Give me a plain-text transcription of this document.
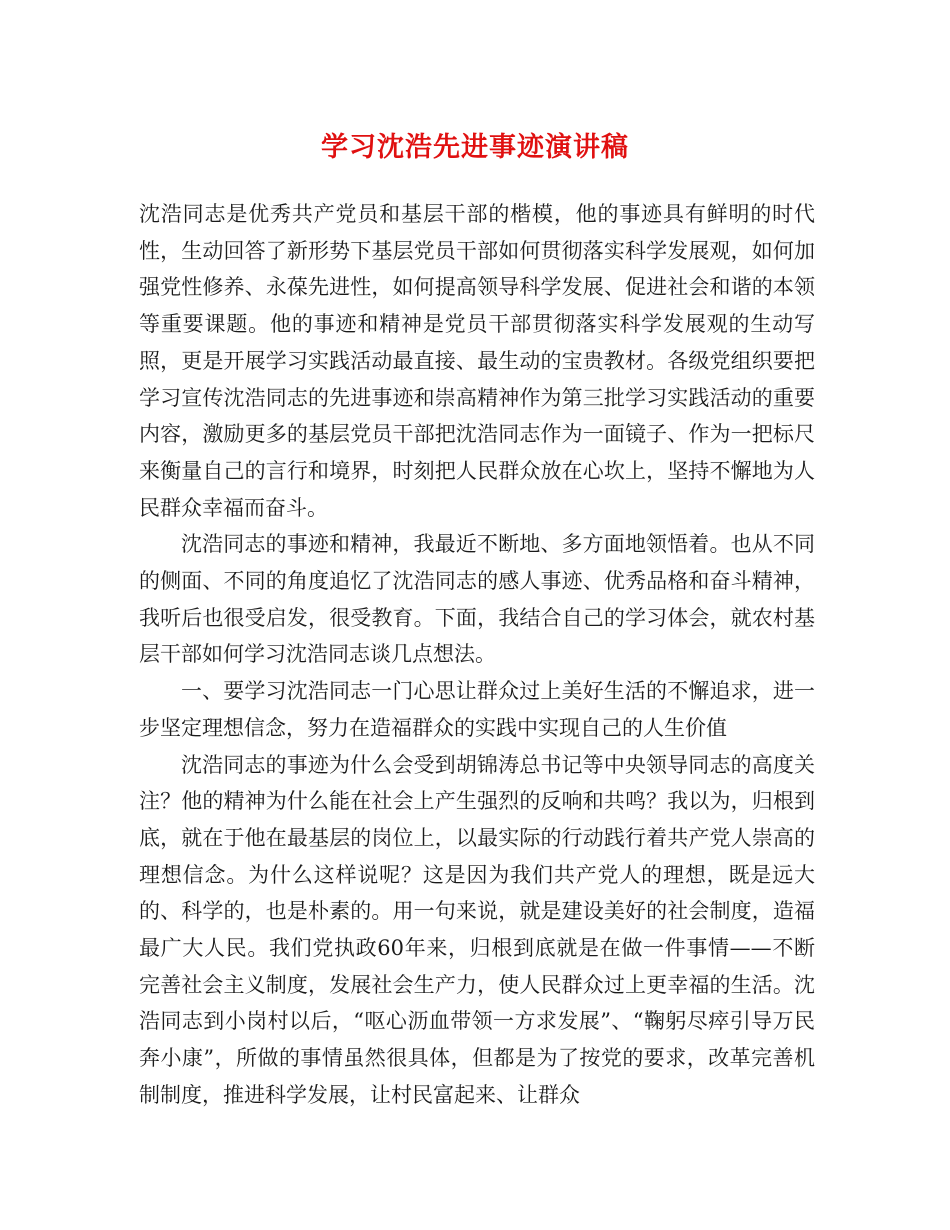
学习沈浩先进事迹演讲稿

沈浩同志是优秀共产党员和基层干部的楷模，他的事迹具有鲜明的时代性，生动回答了新形势下基层党员干部如何贯彻落实科学发展观，如何加强党性修养、永葆先进性，如何提高领导科学发展、促进社会和谐的本领等重要课题。他的事迹和精神是党员干部贯彻落实科学发展观的生动写照，更是开展学习实践活动最直接、最生动的宝贵教材。各级党组织要把学习宣传沈浩同志的先进事迹和崇高精神作为第三批学习实践活动的重要内容，激励更多的基层党员干部把沈浩同志作为一面镜子、作为一把标尺来衡量自己的言行和境界，时刻把人民群众放在心坎上，坚持不懈地为人民群众幸福而奋斗。

沈浩同志的事迹和精神，我最近不断地、多方面地领悟着。也从不同的侧面、不同的角度追忆了沈浩同志的感人事迹、优秀品格和奋斗精神，我听后也很受启发，很受教育。下面，我结合自己的学习体会，就农村基层干部如何学习沈浩同志谈几点想法。

一、要学习沈浩同志一门心思让群众过上美好生活的不懈追求，进一步坚定理想信念，努力在造福群众的实践中实现自己的人生价值

沈浩同志的事迹为什么会受到胡锦涛总书记等中央领导同志的高度关注？他的精神为什么能在社会上产生强烈的反响和共鸣？我以为，归根到底，就在于他在最基层的岗位上，以最实际的行动践行着共产党人崇高的理想信念。为什么这样说呢？这是因为我们共产党人的理想，既是远大的、科学的，也是朴素的。用一句来说，就是建设美好的社会制度，造福最广大人民。我们党执政60年来，归根到底就是在做一件事情——不断完善社会主义制度，发展社会生产力，使人民群众过上更幸福的生活。沈浩同志到小岗村以后，“呕心沥血带领一方求发展”、“鞠躬尽瘁引导万民奔小康”，所做的事情虽然很具体，但都是为了按党的要求，改革完善机制制度，推进科学发展，让村民富起来、让群众
